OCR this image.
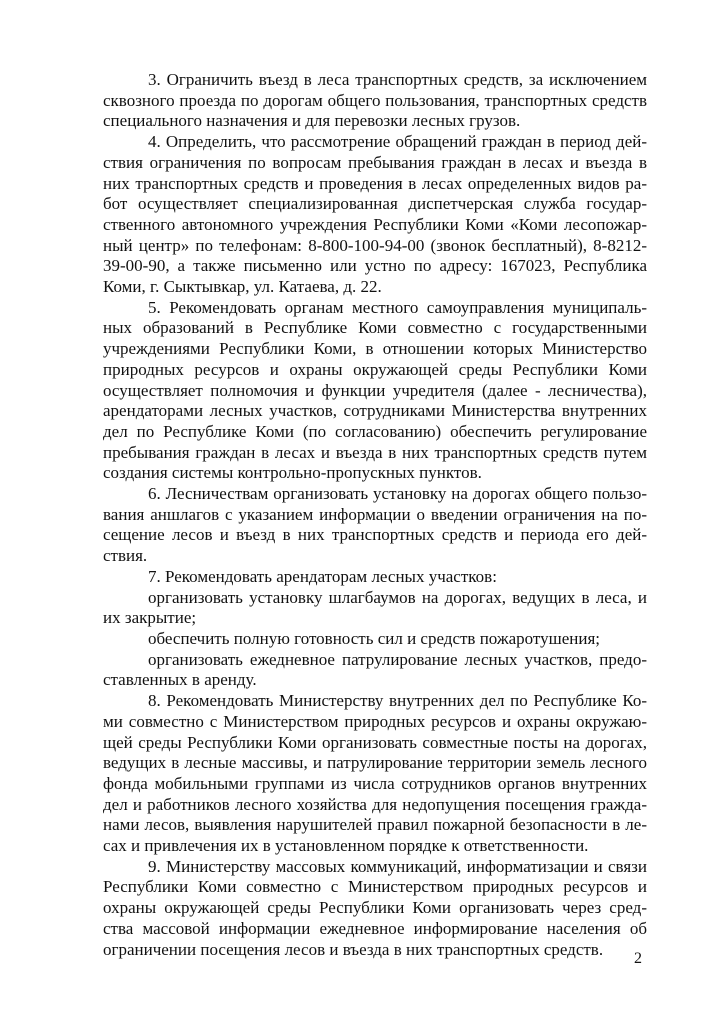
3. Ограничить въезд в леса транспортных средств, за исключением
сквозного проезда по дорогам общего пользования, транспортных средств
специального назначения и для перевозки лесных грузов.
4. Определить, что рассмотрение обращений граждан в период дей-
ствия ограничения по вопросам пребывания граждан в лесах и въезда в
них транспортных средств и проведения в лесах определенных видов ра-
бот осуществляет специализированная диспетчерская служба государ-
ственного автономного учреждения Республики Коми «Коми лесопожар-
ный центр» по телефонам: 8-800-100-94-00 (звонок бесплатный), 8-8212-
39-00-90, а также письменно или устно по адресу: 167023, Республика
Коми, г. Сыктывкар, ул. Катаева, д. 22.
5. Рекомендовать органам местного самоуправления муниципаль-
ных образований в Республике Коми совместно с государственными
учреждениями Республики Коми, в отношении которых Министерство
природных ресурсов и охраны окружающей среды Республики Коми
осуществляет полномочия и функции учредителя (далее - лесничества),
арендаторами лесных участков, сотрудниками Министерства внутренних
дел по Республике Коми (по согласованию) обеспечить регулирование
пребывания граждан в лесах и въезда в них транспортных средств путем
создания системы контрольно-пропускных пунктов.
6. Лесничествам организовать установку на дорогах общего пользо-
вания аншлагов с указанием информации о введении ограничения на по-
сещение лесов и въезд в них транспортных средств и периода его дей-
ствия.
7. Рекомендовать арендаторам лесных участков:
организовать установку шлагбаумов на дорогах, ведущих в леса, и
их закрытие;
обеспечить полную готовность сил и средств пожаротушения;
организовать ежедневное патрулирование лесных участков, предо-
ставленных в аренду.
8. Рекомендовать Министерству внутренних дел по Республике Ко-
ми совместно с Министерством природных ресурсов и охраны окружаю-
щей среды Республики Коми организовать совместные посты на дорогах,
ведущих в лесные массивы, и патрулирование территории земель лесного
фонда мобильными группами из числа сотрудников органов внутренних
дел и работников лесного хозяйства для недопущения посещения гражда-
нами лесов, выявления нарушителей правил пожарной безопасности в ле-
сах и привлечения их в установленном порядке к ответственности.
9. Министерству массовых коммуникаций, информатизации и связи
Республики Коми совместно с Министерством природных ресурсов и
охраны окружающей среды Республики Коми организовать через сред-
ства массовой информации ежедневное информирование населения об
ограничении посещения лесов и въезда в них транспортных средств.	2
